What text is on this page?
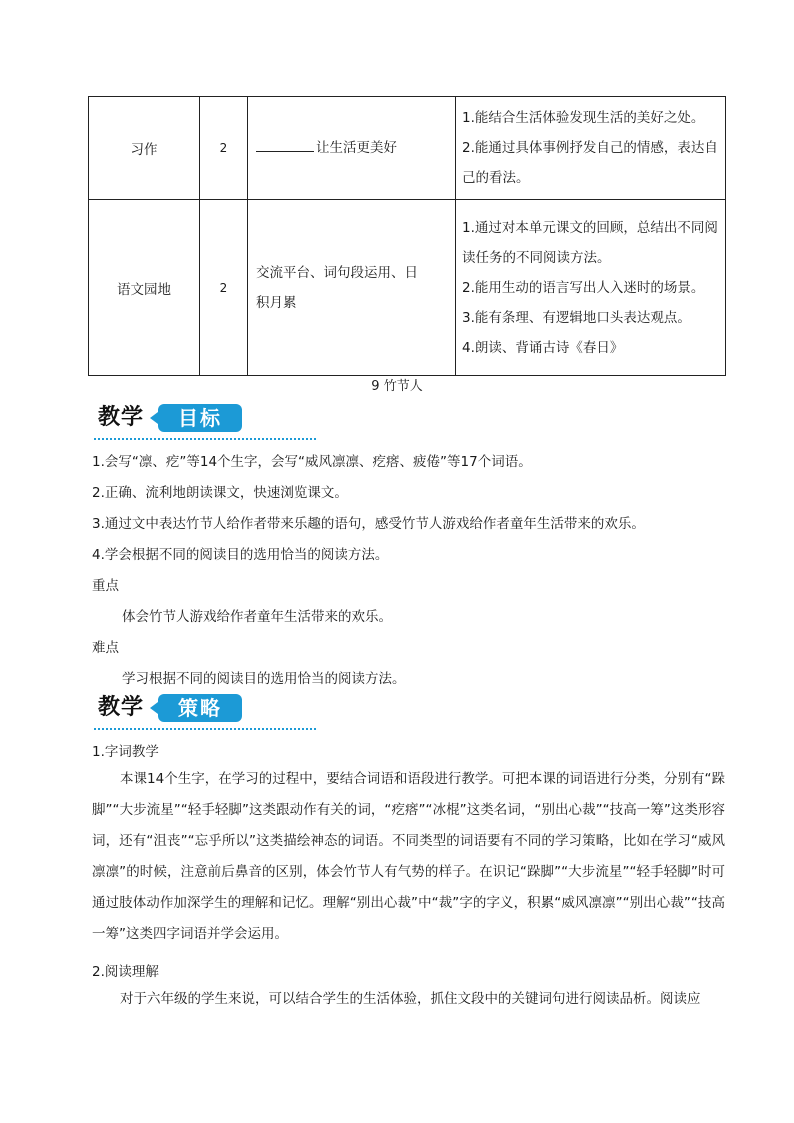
习作	2	让生活更美好	1.能结合生活体验发现生活的美好之处。
2.能通过具体事例抒发自己的情感，表达自
己的看法。

语文园地	2	交流平台、词句段运用、日积月累	1.通过对本单元课文的回顾，总结出不同阅
读任务的不同阅读方法。
2.能用生动的语言写出人入迷时的场景。
3.能有条理、有逻辑地口头表达观点。
4.朗读、背诵古诗《春日》
9 竹节人
教学	目标
1.会写“凛、疙”等14个生字，会写“威风凛凛、疙瘩、疲倦”等17个词语。
2.正确、流利地朗读课文，快速浏览课文。
3.通过文中表达竹节人给作者带来乐趣的语句，感受竹节人游戏给作者童年生活带来的欢乐。
4.学会根据不同的阅读目的选用恰当的阅读方法。
重点
体会竹节人游戏给作者童年生活带来的欢乐。
难点
学习根据不同的阅读目的选用恰当的阅读方法。
教学	策略
1.字词教学
本课14个生字，在学习的过程中，要结合词语和语段进行教学。可把本课的词语进行分类，分别有“跺脚”“大步流星”“轻手轻脚”这类跟动作有关的词，“疙瘩”“冰棍”这类名词，“别出心裁”“技高一筹”这类形容词，还有“沮丧”“忘乎所以”这类描绘神态的词语。不同类型的词语要有不同的学习策略，比如在学习“威风凛凛”的时候，注意前后鼻音的区别，体会竹节人有气势的样子。在识记“跺脚”“大步流星”“轻手轻脚”时可通过肢体动作加深学生的理解和记忆。理解“别出心裁”中“裁”字的字义，积累“威风凛凛”“别出心裁”“技高一筹”这类四字词语并学会运用。
2.阅读理解
对于六年级的学生来说，可以结合学生的生活体验，抓住文段中的关键词句进行阅读品析。阅读应
